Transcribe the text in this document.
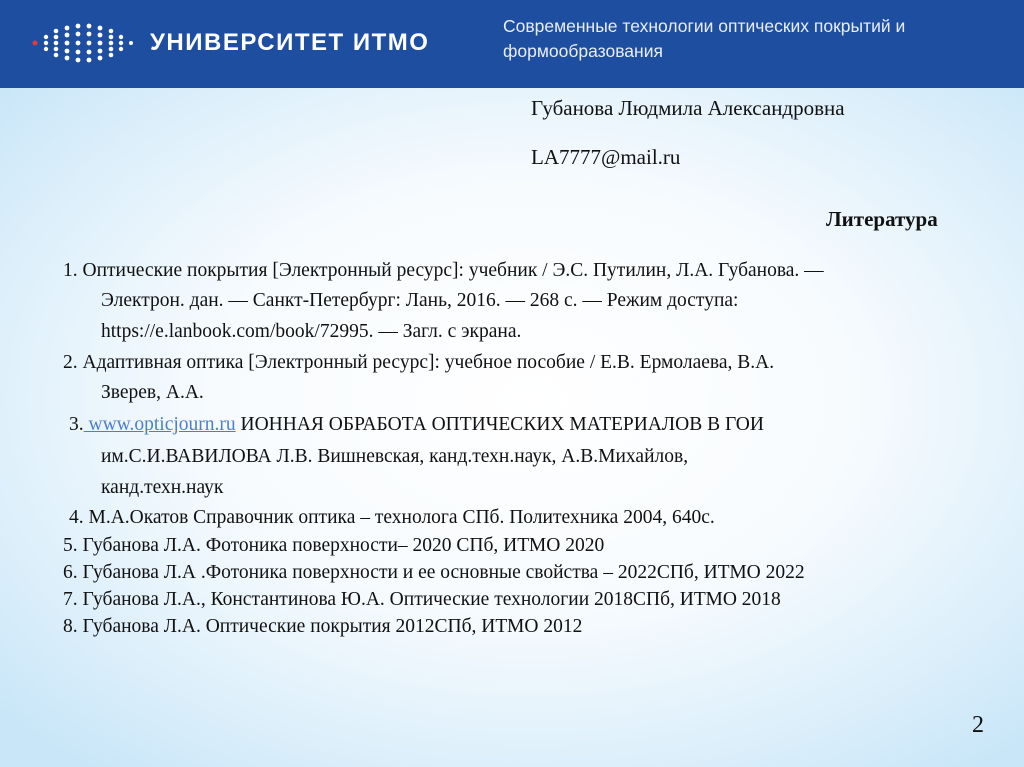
УНИВЕРСИТЕТ ИТМО
Современные технологии оптических покрытий и формообразования
Губанова Людмила Александровна
LA7777@mail.ru
Литература
1. Оптические покрытия [Электронный ресурс]: учебник / Э.С. Путилин, Л.А. Губанова. —
Электрон. дан. — Санкт-Петербург: Лань, 2016. — 268 с. — Режим доступа:
https://e.lanbook.com/book/72995. — Загл. с экрана.
2. Адаптивная оптика [Электронный ресурс]: учебное пособие / Е.В. Ермолаева, В.А.
Зверев, А.А.
3. www.opticjourn.ru ИОННАЯ ОБРАБОТА ОПТИЧЕСКИХ МАТЕРИАЛОВ В ГОИ
им.С.И.ВАВИЛОВА Л.В. Вишневская, канд.техн.наук, А.В.Михайлов,
канд.техн.наук
4. М.А.Окатов Справочник оптика – технолога СПб. Политехника 2004, 640с.
5. Губанова Л.А. Фотоника поверхности– 2020 СПб, ИТМО 2020
6. Губанова Л.А .Фотоника поверхности и ее основные свойства – 2022СПб, ИТМО 2022
7. Губанова Л.А., Константинова Ю.А. Оптические технологии 2018СПб, ИТМО 2018
8. Губанова Л.А. Оптические покрытия 2012СПб, ИТМО 2012
2
